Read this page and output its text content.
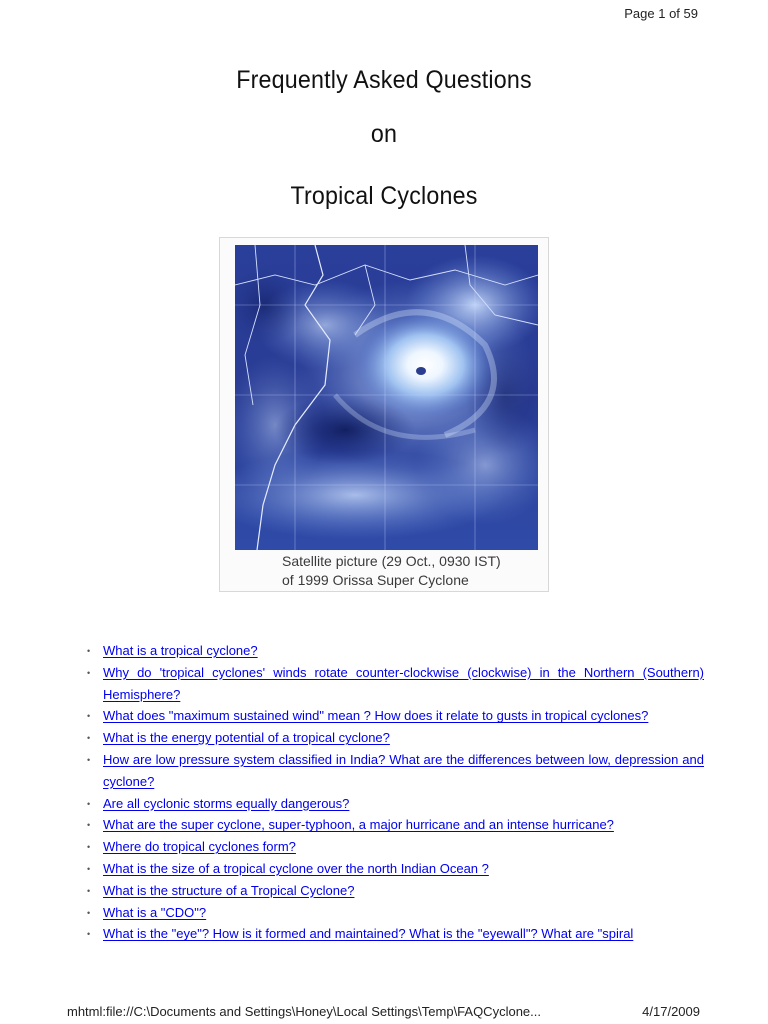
Page 1 of 59
Frequently Asked Questions
on
Tropical Cyclones
Satellite picture (29 Oct., 0930 IST)
of 1999 Orissa Super Cyclone
• What is a tropical cyclone?
• Why do 'tropical cyclones' winds rotate counter-clockwise (clockwise) in the Northern (Southern) Hemisphere?
• What does "maximum sustained wind" mean ? How does it relate to gusts in tropical cyclones?
• What is the energy potential of a tropical cyclone?
• How are low pressure system classified in India? What are the differences between low, depression and cyclone?
• Are all cyclonic storms equally dangerous?
• What are the super cyclone, super-typhoon, a major hurricane and an intense hurricane?
• Where do tropical cyclones form?
• What is the size of a tropical cyclone over the north Indian Ocean ?
• What is the structure of a Tropical Cyclone?
• What is a "CDO"?
• What is the "eye"? How is it formed and maintained? What is the "eyewall"? What are "spiral
mhtml:file://C:\Documents and Settings\Honey\Local Settings\Temp\FAQCyclone...	4/17/2009
